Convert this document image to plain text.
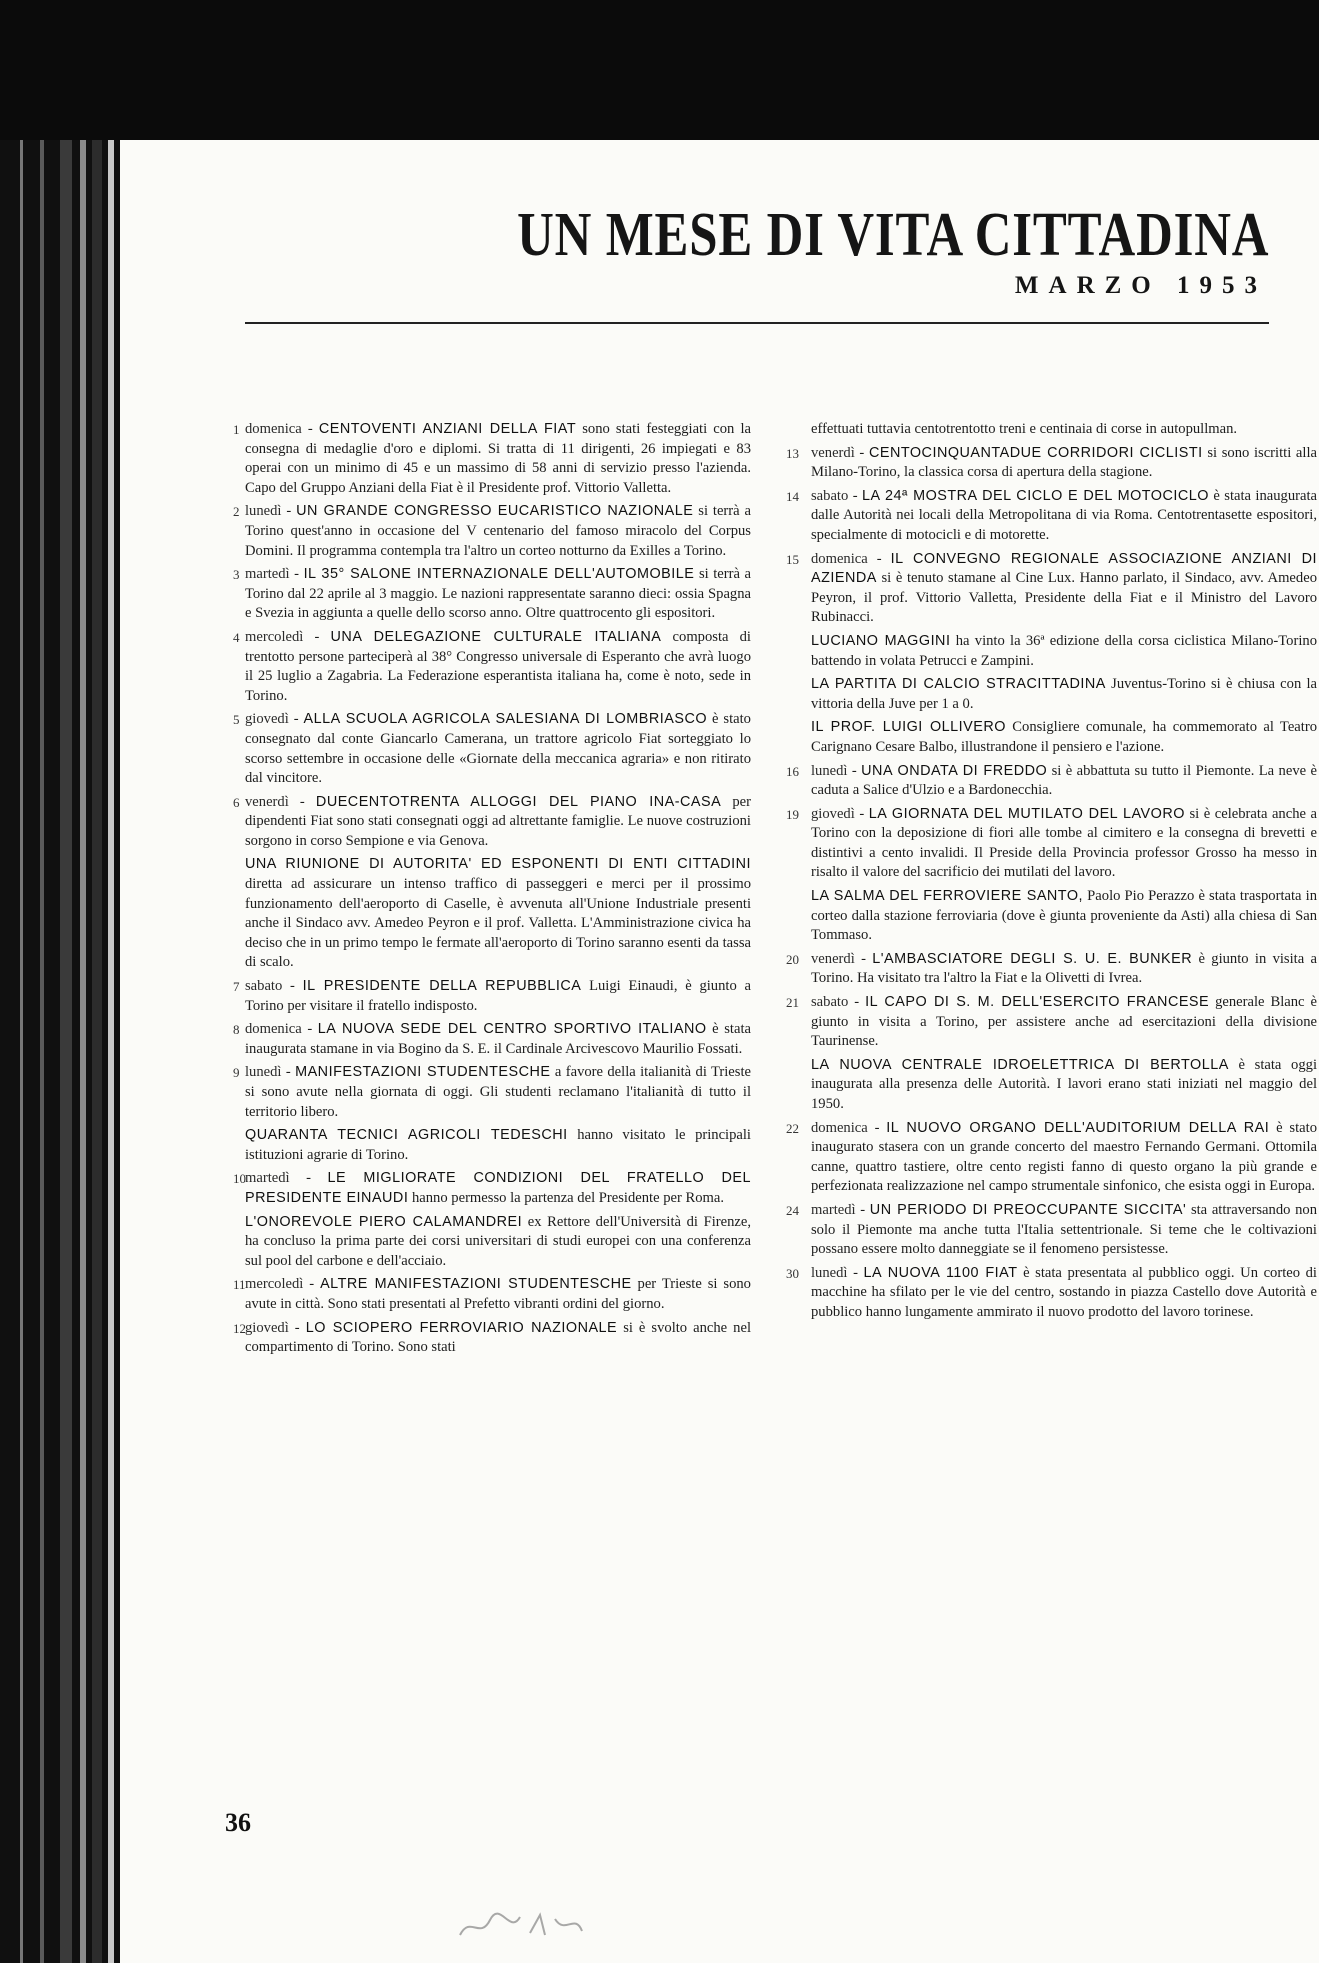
UN MESE DI VITA CITTADINA
MARZO 1953

1 domenica - CENTOVENTI ANZIANI DELLA FIAT sono stati festeggiati con la consegna di medaglie d'oro e diplomi. Si tratta di 11 dirigenti, 26 impiegati e 83 operai con un minimo di 45 e un massimo di 58 anni di servizio presso l'azienda. Capo del Gruppo Anziani della Fiat è il Presidente prof. Vittorio Valletta.

2 lunedì - UN GRANDE CONGRESSO EUCARISTICO NAZIONALE si terrà a Torino quest'anno in occasione del V centenario del famoso miracolo del Corpus Domini. Il programma contempla tra l'altro un corteo notturno da Exilles a Torino.

3 martedì - IL 35° SALONE INTERNAZIONALE DELL'AUTOMOBILE si terrà a Torino dal 22 aprile al 3 maggio. Le nazioni rappresentate saranno dieci: ossia Spagna e Svezia in aggiunta a quelle dello scorso anno. Oltre quattrocento gli espositori.

4 mercoledì - UNA DELEGAZIONE CULTURALE ITALIANA composta di trentotto persone parteciperà al 38° Congresso universale di Esperanto che avrà luogo il 25 luglio a Zagabria. La Federazione esperantista italiana ha, come è noto, sede in Torino.

5 giovedì - ALLA SCUOLA AGRICOLA SALESIANA DI LOMBRIASCO è stato consegnato dal conte Giancarlo Camerana, un trattore agricolo Fiat sorteggiato lo scorso settembre in occasione delle «Giornate della meccanica agraria» e non ritirato dal vincitore.

6 venerdì - DUECENTOTRENTA ALLOGGI DEL PIANO INA-CASA per dipendenti Fiat sono stati consegnati oggi ad altrettante famiglie. Le nuove costruzioni sorgono in corso Sempione e via Genova.

UNA RIUNIONE DI AUTORITA' ED ESPONENTI DI ENTI CITTADINI diretta ad assicurare un intenso traffico di passeggeri e merci per il prossimo funzionamento dell'aeroporto di Caselle, è avvenuta all'Unione Industriale presenti anche il Sindaco avv. Amedeo Peyron e il prof. Valletta. L'Amministrazione civica ha deciso che in un primo tempo le fermate all'aeroporto di Torino saranno esenti da tassa di scalo.

7 sabato - IL PRESIDENTE DELLA REPUBBLICA Luigi Einaudi, è giunto a Torino per visitare il fratello indisposto.

8 domenica - LA NUOVA SEDE DEL CENTRO SPORTIVO ITALIANO è stata inaugurata stamane in via Bogino da S. E. il Cardinale Arcivescovo Maurilio Fossati.

9 lunedì - MANIFESTAZIONI STUDENTESCHE a favore della italianità di Trieste si sono avute nella giornata di oggi. Gli studenti reclamano l'italianità di tutto il territorio libero.

QUARANTA TECNICI AGRICOLI TEDESCHI hanno visitato le principali istituzioni agrarie di Torino.

10 martedì - LE MIGLIORATE CONDIZIONI DEL FRATELLO DEL PRESIDENTE EINAUDI hanno permesso la partenza del Presidente per Roma.

L'ONOREVOLE PIERO CALAMANDREI ex Rettore dell'Università di Firenze, ha concluso la prima parte dei corsi universitari di studi europei con una conferenza sul pool del carbone e dell'acciaio.

11 mercoledì - ALTRE MANIFESTAZIONI STUDENTESCHE per Trieste si sono avute in città. Sono stati presentati al Prefetto vibranti ordini del giorno.

12 giovedì - LO SCIOPERO FERROVIARIO NAZIONALE si è svolto anche nel compartimento di Torino. Sono stati

effettuati tuttavia centotrentotto treni e centinaia di corse in autopullman.

13 venerdì - CENTOCINQUANTADUE CORRIDORI CICLISTI si sono iscritti alla Milano-Torino, la classica corsa di apertura della stagione.

14 sabato - LA 24ª MOSTRA DEL CICLO E DEL MOTOCICLO è stata inaugurata dalle Autorità nei locali della Metropolitana di via Roma. Centotrentasette espositori, specialmente di motocicli e di motorette.

15 domenica - IL CONVEGNO REGIONALE ASSOCIAZIONE ANZIANI DI AZIENDA si è tenuto stamane al Cine Lux. Hanno parlato, il Sindaco, avv. Amedeo Peyron, il prof. Vittorio Valletta, Presidente della Fiat e il Ministro del Lavoro Rubinacci.

LUCIANO MAGGINI ha vinto la 36ª edizione della corsa ciclistica Milano-Torino battendo in volata Petrucci e Zampini.

LA PARTITA DI CALCIO STRACITTADINA Juventus-Torino si è chiusa con la vittoria della Juve per 1 a 0.

IL PROF. LUIGI OLLIVERO Consigliere comunale, ha commemorato al Teatro Carignano Cesare Balbo, illustrandone il pensiero e l'azione.

16 lunedì - UNA ONDATA DI FREDDO si è abbattuta su tutto il Piemonte. La neve è caduta a Salice d'Ulzio e a Bardonecchia.

19 giovedì - LA GIORNATA DEL MUTILATO DEL LAVORO si è celebrata anche a Torino con la deposizione di fiori alle tombe al cimitero e la consegna di brevetti e distintivi a cento invalidi. Il Preside della Provincia professor Grosso ha messo in risalto il valore del sacrificio dei mutilati del lavoro.

LA SALMA DEL FERROVIERE SANTO, Paolo Pio Perazzo è stata trasportata in corteo dalla stazione ferroviaria (dove è giunta proveniente da Asti) alla chiesa di San Tommaso.

20 venerdì - L'AMBASCIATORE DEGLI S. U. E. BUNKER è giunto in visita a Torino. Ha visitato tra l'altro la Fiat e la Olivetti di Ivrea.

21 sabato - IL CAPO DI S. M. DELL'ESERCITO FRANCESE generale Blanc è giunto in visita a Torino, per assistere anche ad esercitazioni della divisione Taurinense.

LA NUOVA CENTRALE IDROELETTRICA DI BERTOLLA è stata oggi inaugurata alla presenza delle Autorità. I lavori erano stati iniziati nel maggio del 1950.

22 domenica - IL NUOVO ORGANO DELL'AUDITORIUM DELLA RAI è stato inaugurato stasera con un grande concerto del maestro Fernando Germani. Ottomila canne, quattro tastiere, oltre cento registi fanno di questo organo la più grande e perfezionata realizzazione nel campo strumentale sinfonico, che esista oggi in Europa.

24 martedì - UN PERIODO DI PREOCCUPANTE SICCITA' sta attraversando non solo il Piemonte ma anche tutta l'Italia settentrionale. Si teme che le coltivazioni possano essere molto danneggiate se il fenomeno persistesse.

30 lunedì - LA NUOVA 1100 FIAT è stata presentata al pubblico oggi. Un corteo di macchine ha sfilato per le vie del centro, sostando in piazza Castello dove Autorità e pubblico hanno lungamente ammirato il nuovo prodotto del lavoro torinese.

36
